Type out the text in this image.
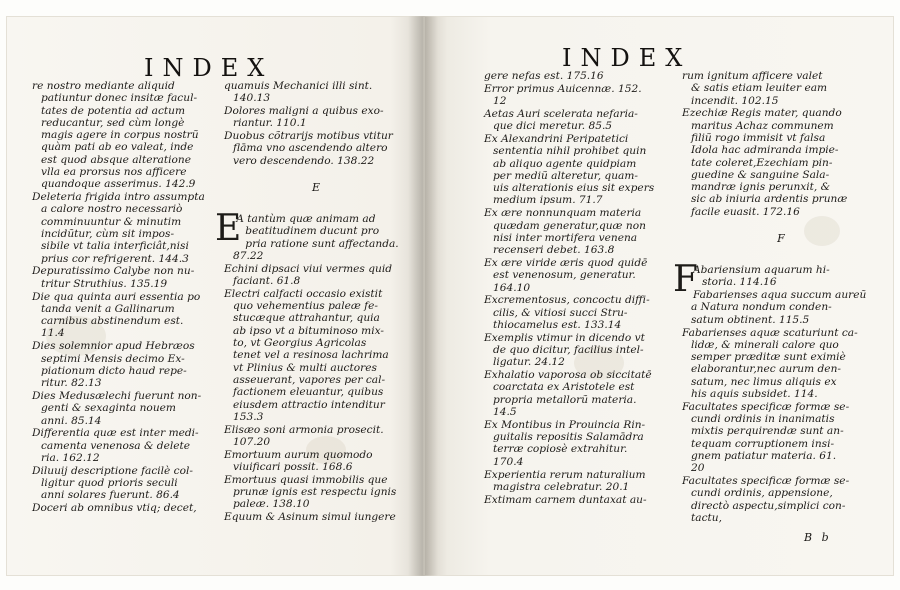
INDEX

re nostro mediante aliquid
patiuntur donec insitæ facul-
tates de potentia ad actum
reducantur, sed cùm longè
magis agere in corpus nostrũ
quàm pati ab eo valeat, inde
est quod absque alteratione
vlla ea prorsus nos afficere
quandoque asserimus. 142.9

Deleteria frigida intro assumpta
a calore nostro necessariò
comminuuntur & minutim
incidũtur, cùm sit impos-
sibile vt talia interficiât,nisi
prius cor refrigerent. 144.3

Depuratissimo Calybe non nu-
tritur Struthius. 135.19

Die qua quinta auri essentia po
tanda venit a Gallinarum
carnibus abstinendum est.
11.4

Dies solemnior apud Hebræos
septimi Mensis decimo Ex-
piationum dicto haud repe-
ritur. 82.13

Dies Medusælechi fuerunt non-
genti & sexaginta nouem
anni. 85.14

Differentia quæ est inter medi-
camenta venenosa & delete
ria. 162.12

Diluuij descriptione facilè col-
ligitur quod prioris seculi
anni solares fuerunt. 86.4

Doceri ab omnibus vtiq; decet,

quamuis Mechanici illi sint.
140.13

Dolores maligni a quibus exo-
riantur. 110.1

Duobus cõtrarijs motibus vtitur
flāma vno ascendendo altero
vero descendendo. 138.22

E

E
A tantùm quæ animam ad
beatitudinem ducunt pro
pria ratione sunt affectanda.
87.22

Echini dipsaci viui vermes quid
faciant. 61.8

Electri calfacti occasio existit
quo vehementius paleæ fe-
stucæque attrahantur, quia
ab ipso vt a bituminoso mix-
to, vt Georgius Agricolas
tenet vel a resinosa lachrima
vt Plinius & multi auctores
asseuerant, vapores per cal-
factionem eleuantur, quibus
eiusdem attractio intenditur
153.3

Elisæo soni armonia prosecit.
107.20

Emortuum aurum quomodo
viuificari possit. 168.6

Emortuus quasi immobilis que
prunæ ignis est respectu ignis
paleæ. 138.10

Equum & Asinum simul iungere

INDEX

gere nefas est. 175.16

Error primus Auicennæ. 152.
12

Aetas Auri scelerata nefaria-
que dici meretur. 85.5

Ex Alexandrini Peripatetici
sententia nihil prohibet quin
ab aliquo agente quidpiam
per mediũ alteretur, quam-
uis alterationis eius sit expers
medium ipsum. 71.7

Ex ære nonnunquam materia
quædam generatur,quæ non
nisi inter mortifera venena
recenseri debet. 163.8

Ex ære viride æris quod quidē
est venenosum, generatur.
164.10

Excrementosus, concoctu diffi-
cilis, & vitiosi succi Stru-
thiocamelus est. 133.14

Exemplis vtimur in dicendo vt
de quo dicitur, facilius intel-
ligatur. 24.12

Exhalatio vaporosa ob siccitatē
coarctata ex Aristotele est
propria metallorũ materia.
14.5

Ex Montibus in Prouincia Rin-
guitalis repositis Salamādra
terræ copiosè extrahitur.
170.4

Experientia rerum naturalium
magistra celebratur. 20.1

Extimam carnem duntaxat au-

rum ignitum afficere valet
& satis etiam leuiter eam
incendit. 102.15

Ezechiæ Regis mater, quando
maritus Achaz communem
filiũ rogo immisit vt falsa
Idola hac admiranda impie-
tate coleret,Ezechiam pin-
guedine & sanguine Sala-
mandræ ignis perunxit, &
sic ab iniuria ardentis prunæ
facile euasit. 172.16

F

F
Abariensium aquarum hi-
storia. 114.16

Fabarienses aqua succum aureũ
a Natura nondum conden-
satum obtinent. 115.5

Fabarienses aquæ scaturiunt ca-
lidæ, & minerali calore quo
semper præditæ sunt eximiè
elaborantur,nec aurum den-
satum, nec limus aliquis ex
his aquis subsidet. 114.

Facultates specificæ formæ se-
cundi ordinis in inanimatis
mixtis perquirendæ sunt an-
tequam corruptionem insi-
gnem patiatur materia. 61.
20

Facultates specificæ formæ se-
cundi ordinis, appensione,
directò aspectu,simplici con-
tactu,

B b
